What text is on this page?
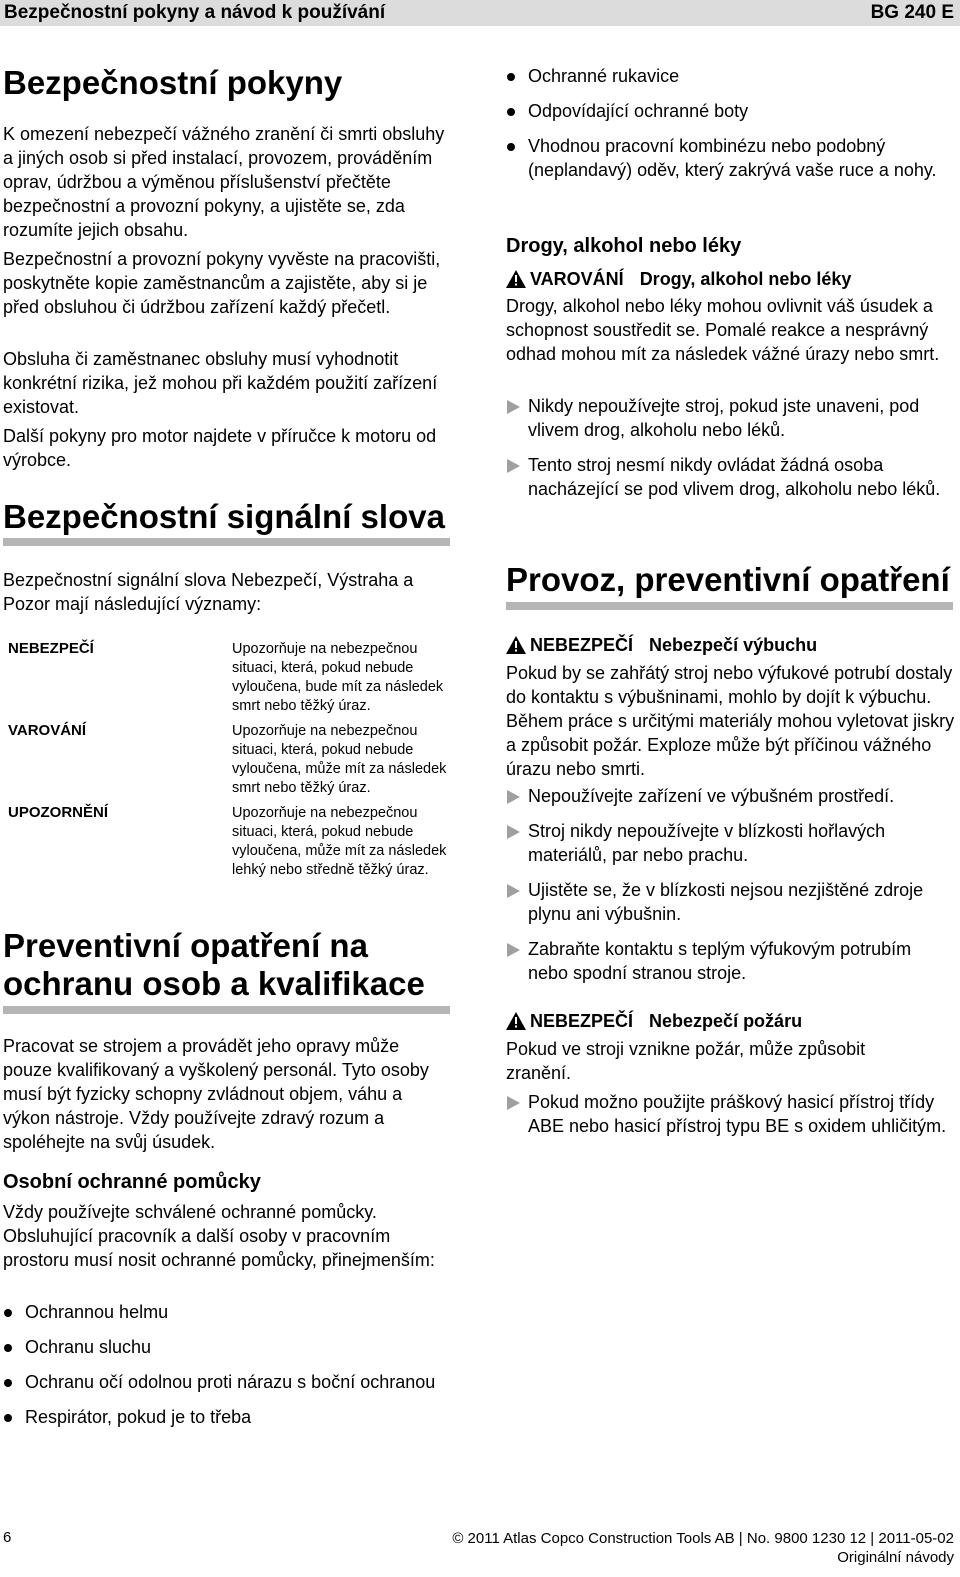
Bezpečnostní pokyny a návod k používání	BG 240 E
Bezpečnostní pokyny

K omezení nebezpečí vážného zranění či smrti obsluhy a jiných osob si před instalací, provozem, prováděním oprav, údržbou a výměnou příslušenství přečtěte bezpečnostní a provozní pokyny, a ujistěte se, zda rozumíte jejich obsahu.

Bezpečnostní a provozní pokyny vyvěste na pracovišti, poskytněte kopie zaměstnancům a zajistěte, aby si je před obsluhou či údržbou zařízení každý přečetl.

Obsluha či zaměstnanec obsluhy musí vyhodnotit konkrétní rizika, jež mohou při každém použití zařízení existovat.

Další pokyny pro motor najdete v příručce k motoru od výrobce.

Bezpečnostní signální slova

Bezpečnostní signální slova Nebezpečí, Výstraha a Pozor mají následující významy:

NEBEZPEČÍ	Upozorňuje na nebezpečnou situaci, která, pokud nebude vyloučena, bude mít za následek smrt nebo těžký úraz.
VAROVÁNÍ	Upozorňuje na nebezpečnou situaci, která, pokud nebude vyloučena, může mít za následek smrt nebo těžký úraz.
UPOZORNĚNÍ	Upozorňuje na nebezpečnou situaci, která, pokud nebude vyloučena, může mít za následek lehký nebo středně těžký úraz.
Preventivní opatření na
ochranu osob a kvalifikace

Pracovat se strojem a provádět jeho opravy může pouze kvalifikovaný a vyškolený personál. Tyto osoby musí být fyzicky schopny zvládnout objem, váhu a výkon nástroje. Vždy používejte zdravý rozum a spoléhejte na svůj úsudek.

Osobní ochranné pomůcky

Vždy používejte schválené ochranné pomůcky. Obsluhující pracovník a další osoby v pracovním prostoru musí nosit ochranné pomůcky, přinejmenším:

Ochrannou helmu
Ochranu sluchu
Ochranu očí odolnou proti nárazu s boční ochranou
Respirátor, pokud je to třeba
Ochranné rukavice
Odpovídající ochranné boty
Vhodnou pracovní kombinézu nebo podobný (neplandavý) oděv, který zakrývá vaše ruce a nohy.
Drogy, alkohol nebo léky
VAROVÁNÍ Drogy, alkohol nebo léky

Drogy, alkohol nebo léky mohou ovlivnit váš úsudek a schopnost soustředit se. Pomalé reakce a nesprávný odhad mohou mít za následek vážné úrazy nebo smrt.

Nikdy nepoužívejte stroj, pokud jste unaveni, pod vlivem drog, alkoholu nebo léků.
Tento stroj nesmí nikdy ovládat žádná osoba nacházející se pod vlivem drog, alkoholu nebo léků.
Provoz, preventivní opatření
NEBEZPEČÍ Nebezpečí výbuchu

Pokud by se zahřátý stroj nebo výfukové potrubí dostaly do kontaktu s výbušninami, mohlo by dojít k výbuchu. Během práce s určitými materiály mohou vyletovat jiskry a způsobit požár. Exploze může být příčinou vážného úrazu nebo smrti.

Nepoužívejte zařízení ve výbušném prostředí.
Stroj nikdy nepoužívejte v blízkosti hořlavých materiálů, par nebo prachu.
Ujistěte se, že v blízkosti nejsou nezjištěné zdroje plynu ani výbušnin.
Zabraňte kontaktu s teplým výfukovým potrubím nebo spodní stranou stroje.
NEBEZPEČÍ Nebezpečí požáru

Pokud ve stroji vznikne požár, může způsobit zranění.

Pokud možno použijte práškový hasicí přístroj třídy ABE nebo hasicí přístroj typu BE s oxidem uhličitým.
6	© 2011 Atlas Copco Construction Tools AB | No. 9800 1230 12 | 2011-05-02
Originální návody
